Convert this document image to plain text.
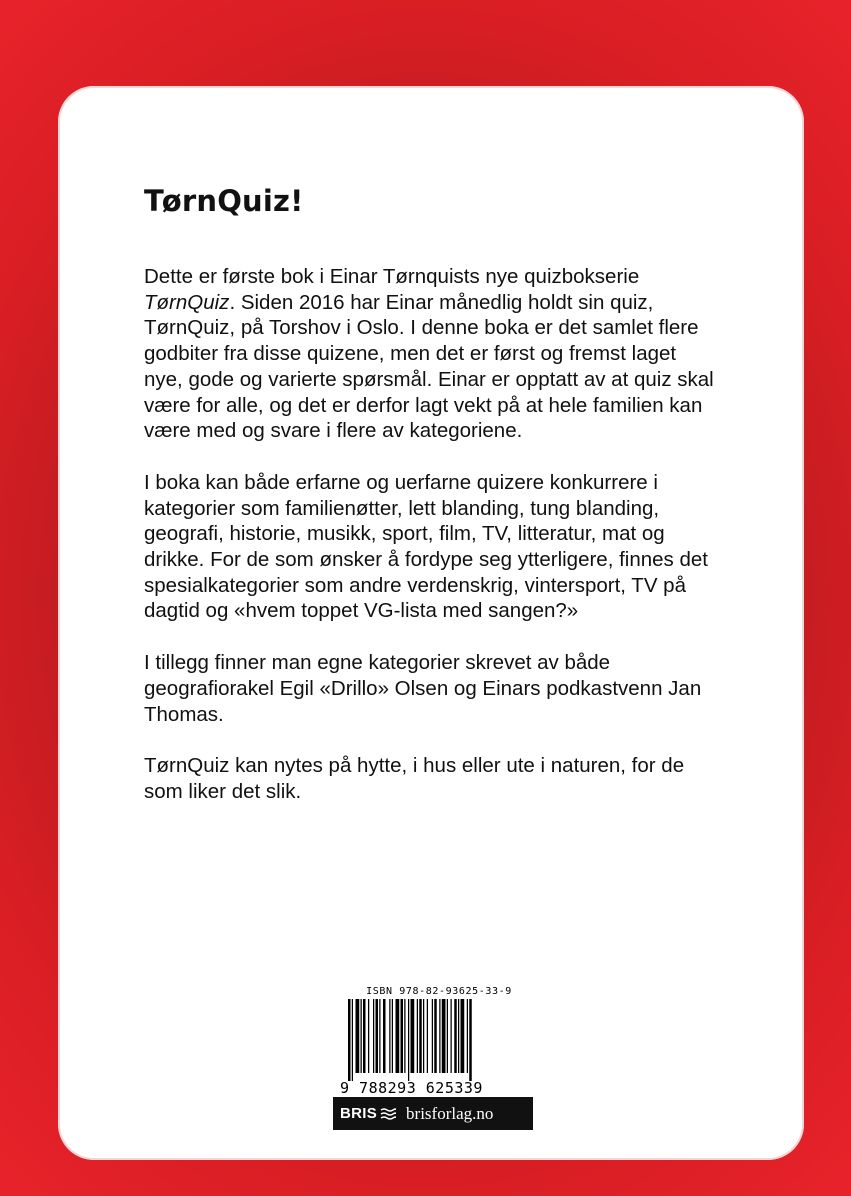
TørnQuiz!

Dette er første bok i Einar Tørnquists nye quizbokserie
TørnQuiz. Siden 2016 har Einar månedlig holdt sin quiz,
TørnQuiz, på Torshov i Oslo. I denne boka er det samlet flere
godbiter fra disse quizene, men det er først og fremst laget
nye, gode og varierte spørsmål. Einar er opptatt av at quiz skal
være for alle, og det er derfor lagt vekt på at hele familien kan
være med og svare i flere av kategoriene.

I boka kan både erfarne og uerfarne quizere konkurrere i
kategorier som familienøtter, lett blanding, tung blanding,
geografi, historie, musikk, sport, film, TV, litteratur, mat og
drikke. For de som ønsker å fordype seg ytterligere, finnes det
spesialkategorier som andre verdenskrig, vintersport, TV på
dagtid og «hvem toppet VG-lista med sangen?»

I tillegg finner man egne kategorier skrevet av både
geografiorakel Egil «Drillo» Olsen og Einars podkastvenn Jan
Thomas.

TørnQuiz kan nytes på hytte, i hus eller ute i naturen, for de
som liker det slik.

ISBN 978-82-93625-33-9
9 788293 625339
BRIS brisforlag.no
